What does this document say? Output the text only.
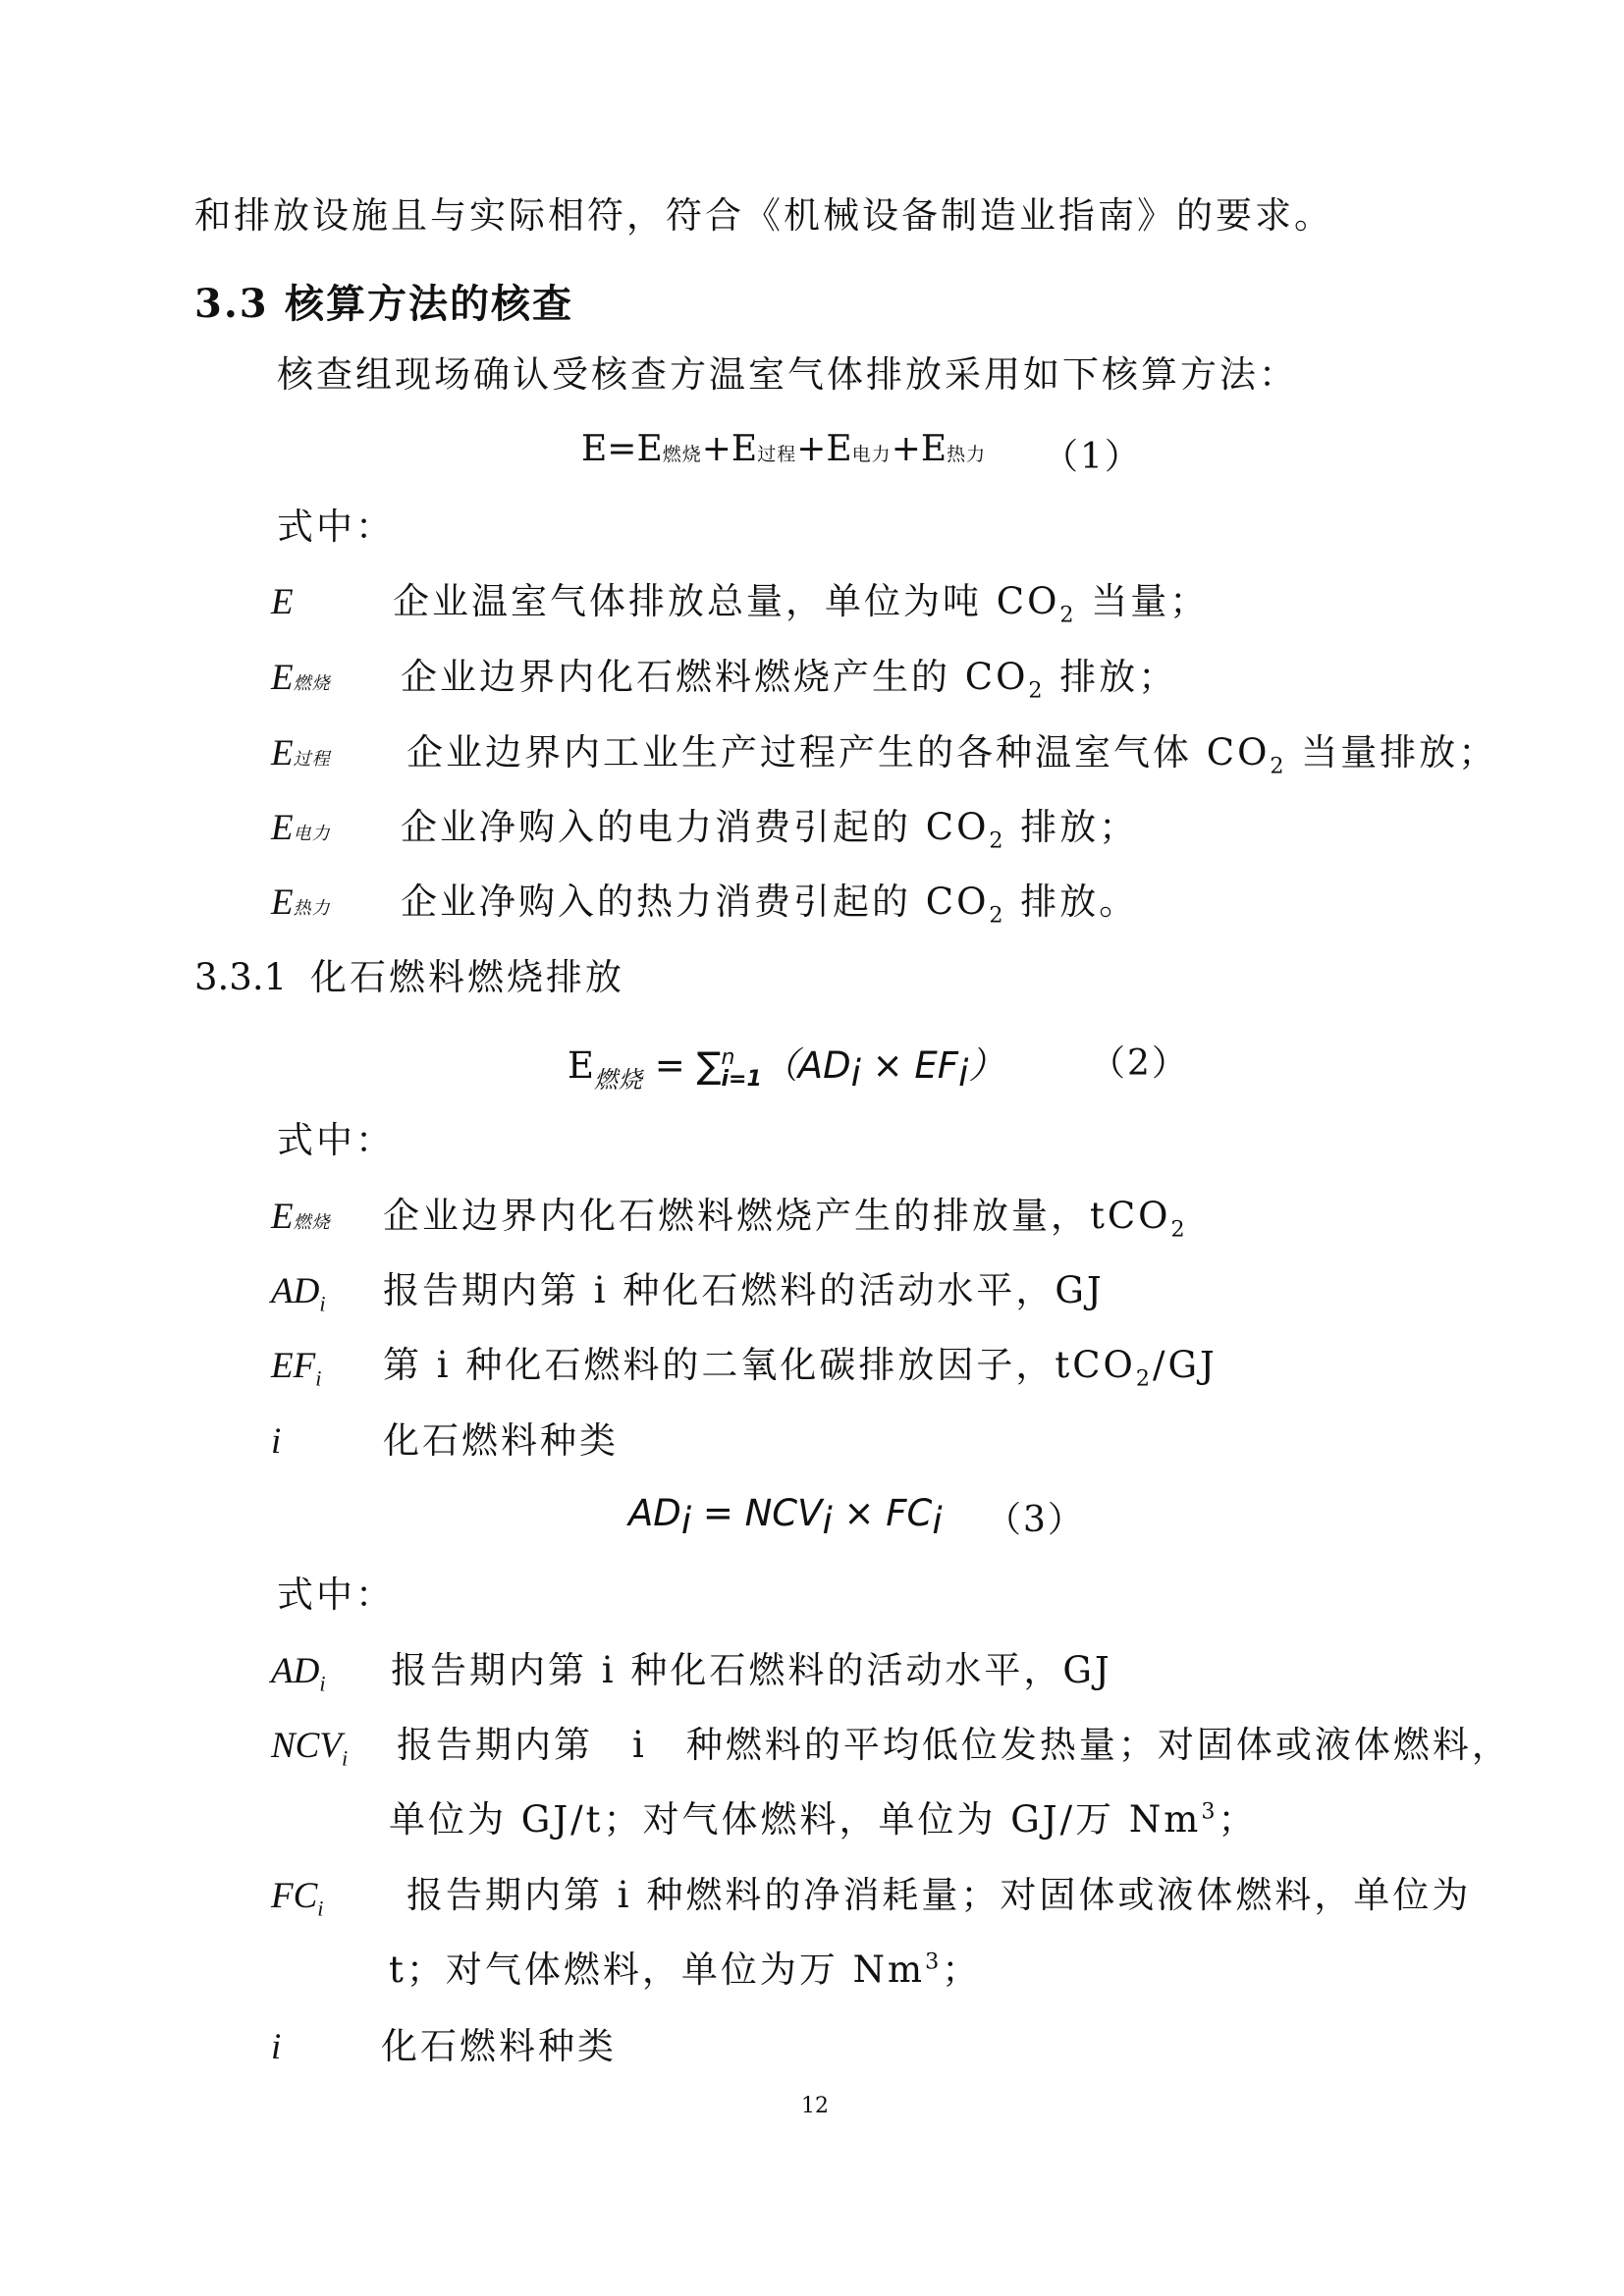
和排放设施且与实际相符，符合《机械设备制造业指南》的要求。
3.3 核算方法的核查
核查组现场确认受核查方温室气体排放采用如下核算方法：
E=E燃烧+E过程+E电力+E热力 （1）
式中：
E	企业温室气体排放总量，单位为吨 $CO_2$ 当量；
E燃烧 企业边界内化石燃料燃烧产生的 $CO_2$ 排放；
E过程 企业边界内工业生产过程产生的各种温室气体 $CO_2$ 当量排放；
E电力 企业净购入的电力消费引起的 $CO_2$ 排放；
E热力 企业净购入的热力消费引起的 $CO_2$ 排放。
3.3.1 化石燃料燃烧排放
$E_{燃烧}$ = ∑ n
i=1 $(AD_i \times EF_i)$ （2）
式中：
E燃烧 企业边界内化石燃料燃烧产生的排放量，tCO$_2$
$AD_i$ 报告期内第 i 种化石燃料的活动水平，GJ
$EF_i$ 第 i 种化石燃料的二氧化碳排放因子，tCO$_2$/GJ
i	化石燃料种类
$AD_i = NCV_i \times FC_i$ （3）
式中：
$AD_i$ 报告期内第 i 种化石燃料的活动水平，GJ
$NCV_i$ 报告期内第　i　种燃料的平均低位发热量；对固体或液体燃料，
单位为 GJ/t；对气体燃料，单位为 GJ/万 Nm$^3$；
$FC_i$ 报告期内第 i 种燃料的净消耗量；对固体或液体燃料，单位为
t；对气体燃料，单位为万 Nm$^3$；
i	化石燃料种类
12
